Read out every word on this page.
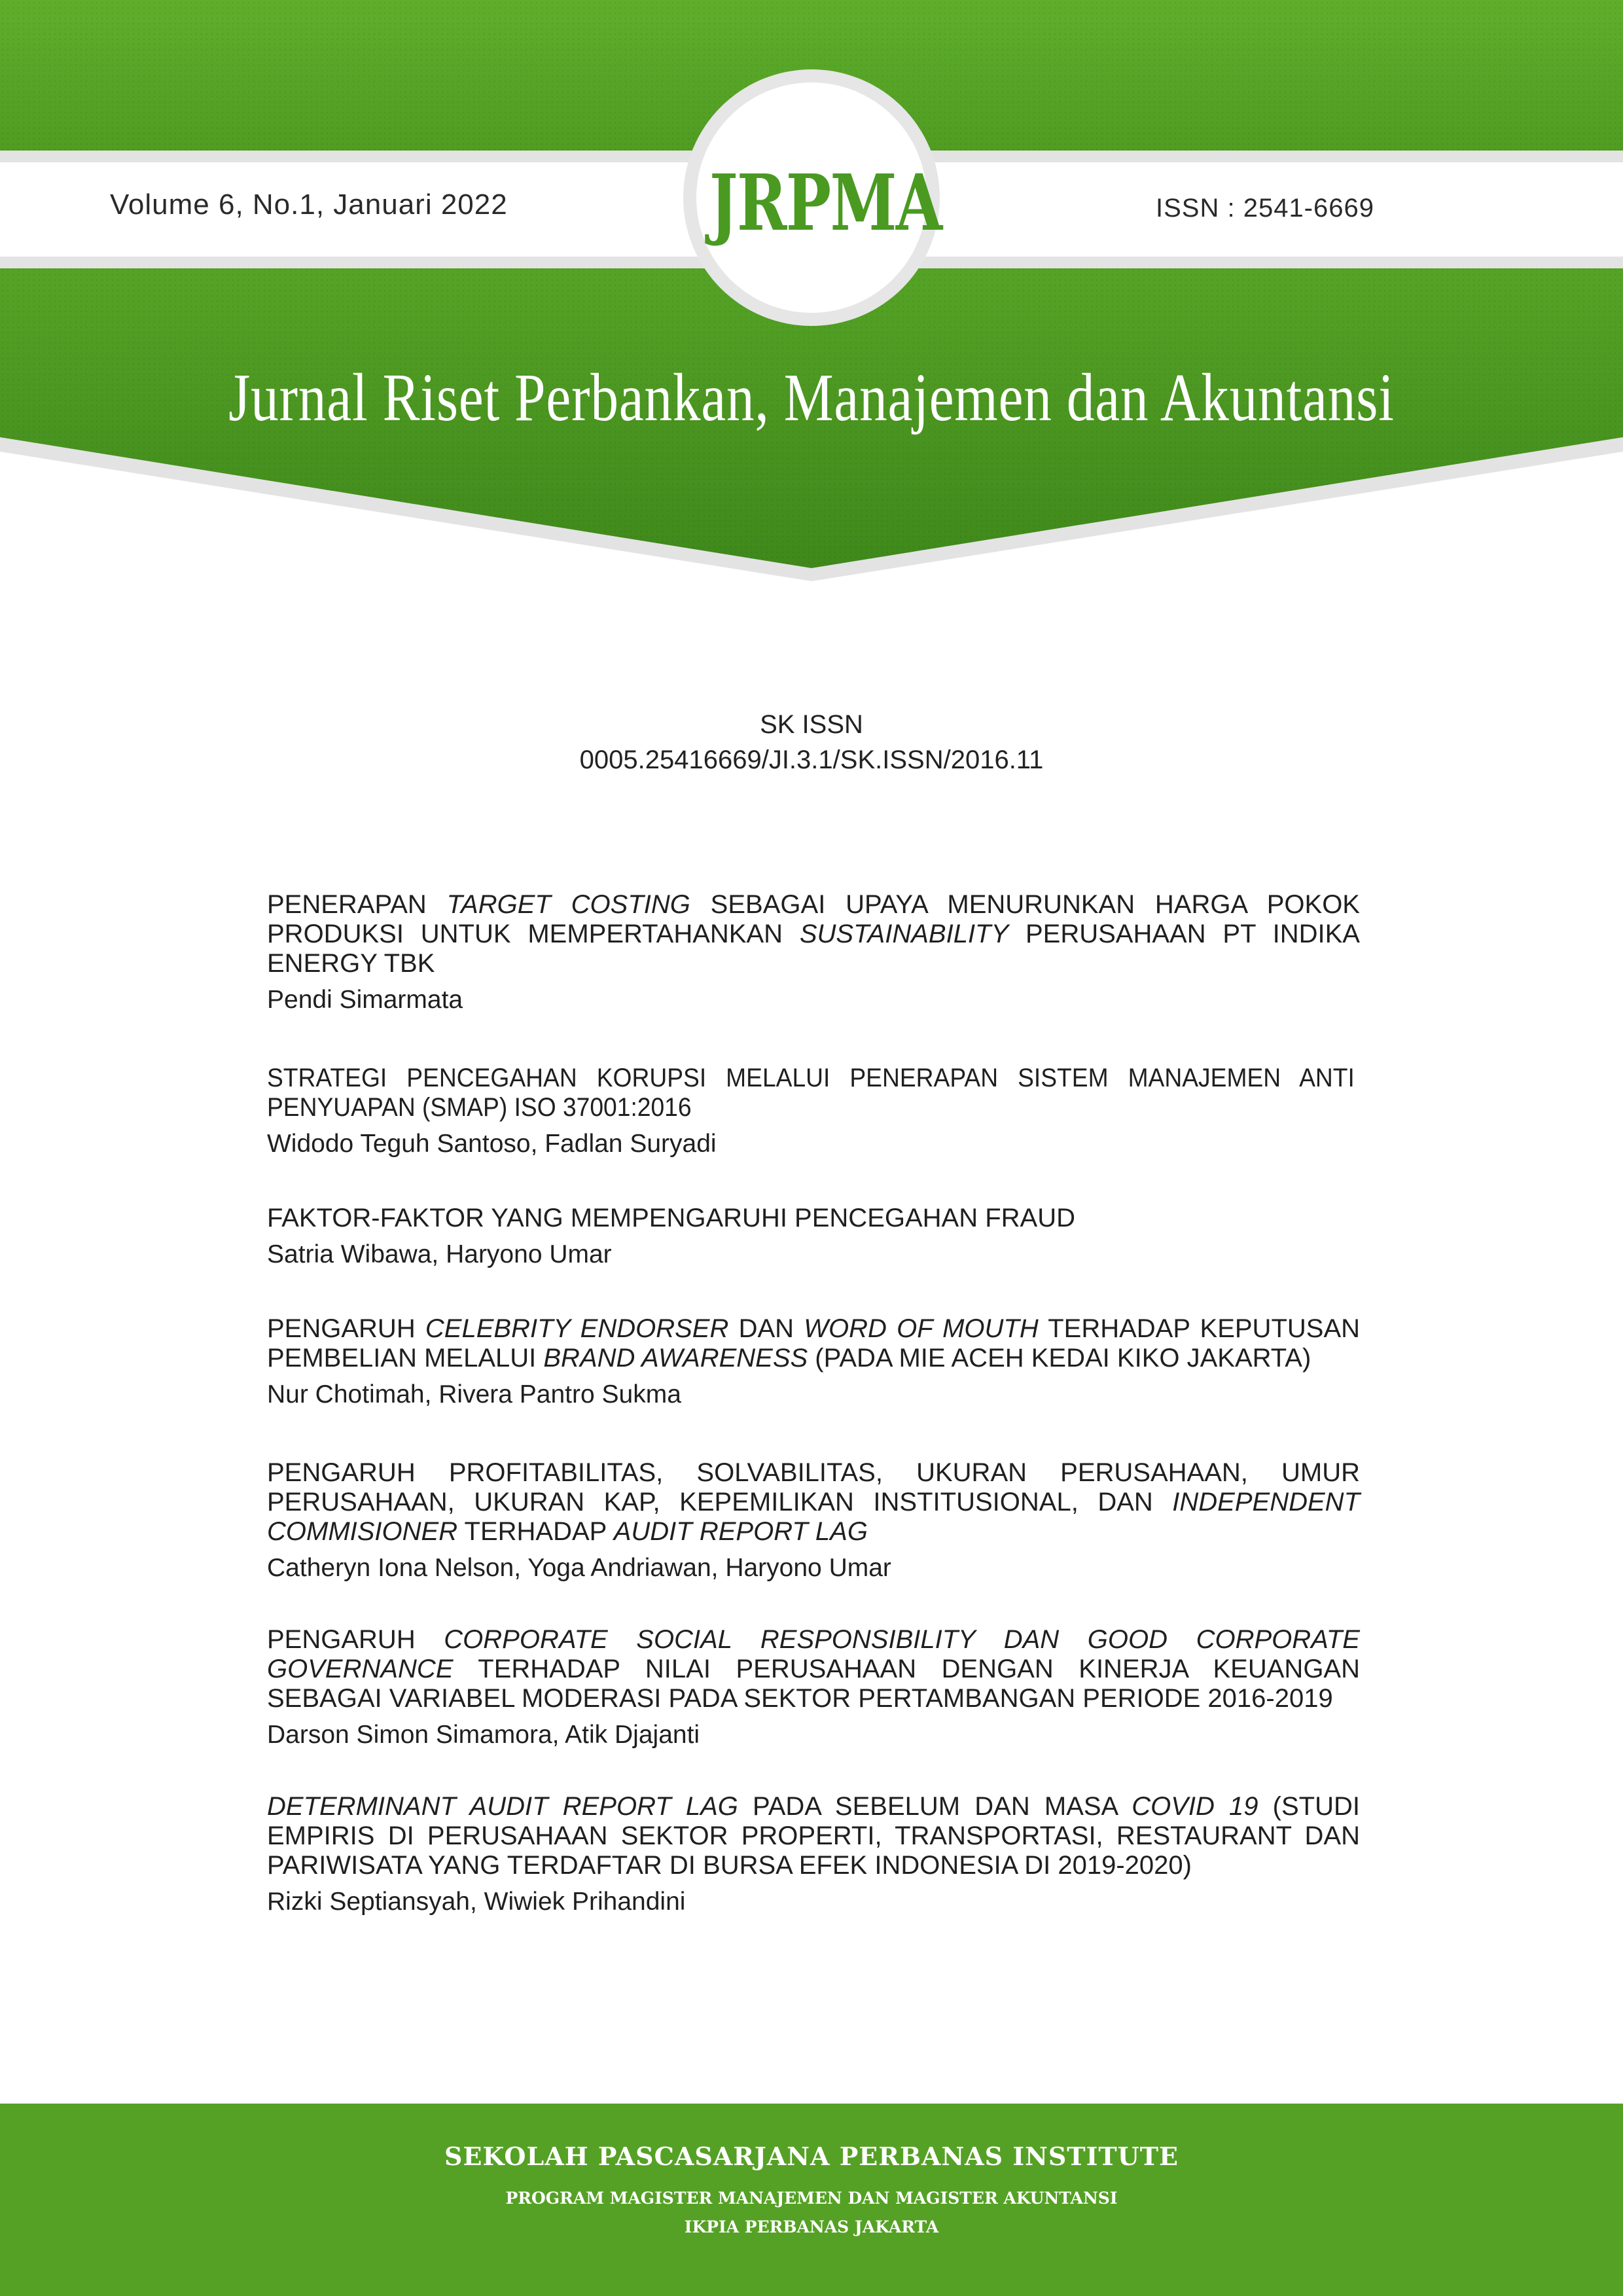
Volume 6, No.1, Januari 2022	JRPMA	ISSN : 2541-6669
Jurnal Riset Perbankan, Manajemen dan Akuntansi
SK ISSN
0005.25416669/JI.3.1/SK.ISSN/2016.11
PENERAPAN TARGET COSTING SEBAGAI UPAYA MENURUNKAN HARGA POKOK PRODUKSI UNTUK MEMPERTAHANKAN SUSTAINABILITY PERUSAHAAN PT INDIKA ENERGY TBK
Pendi Simarmata
STRATEGI PENCEGAHAN KORUPSI MELALUI PENERAPAN SISTEM MANAJEMEN ANTI PENYUAPAN (SMAP) ISO 37001:2016
Widodo Teguh Santoso, Fadlan Suryadi
FAKTOR-FAKTOR YANG MEMPENGARUHI PENCEGAHAN FRAUD
Satria Wibawa, Haryono Umar
PENGARUH CELEBRITY ENDORSER DAN WORD OF MOUTH TERHADAP KEPUTUSAN PEMBELIAN MELALUI BRAND AWARENESS (PADA MIE ACEH KEDAI KIKO JAKARTA)
Nur Chotimah, Rivera Pantro Sukma
PENGARUH PROFITABILITAS, SOLVABILITAS, UKURAN PERUSAHAAN, UMUR PERUSAHAAN, UKURAN KAP, KEPEMILIKAN INSTITUSIONAL, DAN INDEPENDENT COMMISIONER TERHADAP AUDIT REPORT LAG
Catheryn Iona Nelson, Yoga Andriawan, Haryono Umar
PENGARUH CORPORATE SOCIAL RESPONSIBILITY DAN GOOD CORPORATE GOVERNANCE TERHADAP NILAI PERUSAHAAN DENGAN KINERJA KEUANGAN SEBAGAI VARIABEL MODERASI PADA SEKTOR PERTAMBANGAN PERIODE 2016-2019
Darson Simon Simamora, Atik Djajanti
DETERMINANT AUDIT REPORT LAG PADA SEBELUM DAN MASA COVID 19 (STUDI EMPIRIS DI PERUSAHAAN SEKTOR PROPERTI, TRANSPORTASI, RESTAURANT DAN PARIWISATA YANG TERDAFTAR DI BURSA EFEK INDONESIA DI 2019-2020)
Rizki Septiansyah, Wiwiek Prihandini
SEKOLAH PASCASARJANA PERBANAS INSTITUTE
PROGRAM MAGISTER MANAJEMEN DAN MAGISTER AKUNTANSI
IKPIA PERBANAS JAKARTA
